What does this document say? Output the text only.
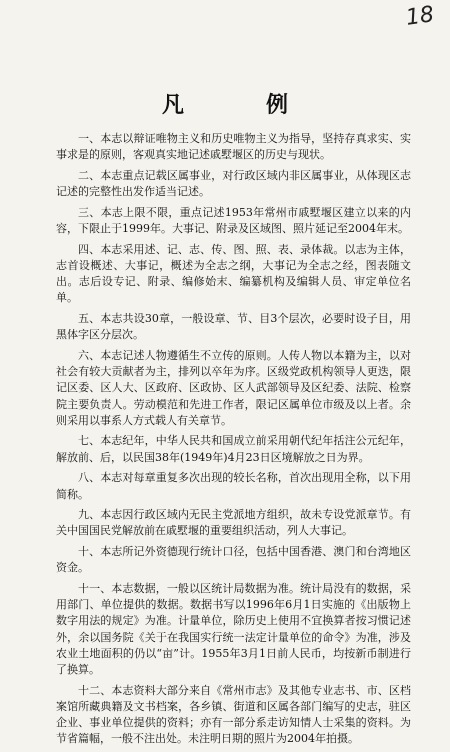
18
凡　例

一、本志以辩证唯物主义和历史唯物主义为指导，坚持存真求实、实事求是的原则，客观真实地记述戚墅堰区的历史与现状。

二、本志重点记载区属事业，对行政区域内非区属事业，从体现区志记述的完整性出发作适当记述。

三、本志上限不限，重点记述1953年常州市戚墅堰区建立以来的内容，下限止于1999年。大事记、附录及区域图、照片延记至2004年末。

四、本志采用述、记、志、传、图、照、表、录体裁。以志为主体，志首设概述、大事记，概述为全志之纲，大事记为全志之经，图表随文出。志后设专记、附录、编修始末、编纂机构及编辑人员、审定单位名单。

五、本志共设30章，一般设章、节、目3个层次，必要时设子目，用黑体字区分层次。

六、本志记述人物遵循生不立传的原则。人传人物以本籍为主，以对社会有较大贡献者为主，排列以卒年为序。区级党政机构领导人更迭，限记区委、区人大、区政府、区政协、区人武部领导及区纪委、法院、检察院主要负责人。劳动模范和先进工作者，限记区属单位市级及以上者。余则采用以事系人方式载人有关章节。

七、本志纪年，中华人民共和国成立前采用朝代纪年括注公元纪年，解放前、后，以民国38年(1949年)4月23日区境解放之日为界。

八、本志对每章重复多次出现的较长名称，首次出现用全称，以下用简称。

九、本志因行政区域内无民主党派地方组织，故未专设党派章节。有关中国国民党解放前在戚墅堰的重要组织活动，列人大事记。

十、本志所记外资德现行统计口径，包括中国香港、澳门和台湾地区资金。

十一、本志数据，一般以区统计局数据为准。统计局没有的数据，采用部门、单位提供的数据。数据书写以1996年6月1日实施的《出版物上数字用法的规定》为准。计量单位，除历史上使用不宜换算者按习惯记述外，余以国务院《关于在我国实行统一法定计量单位的命令》为准，涉及农业土地面积的仍以“亩”计。1955年3月1日前人民币，均按新币制进行了换算。

十二、本志资料大部分来自《常州市志》及其他专业志书、市、区档案馆所藏典籍及文书档案，各乡镇、街道和区属各部门编写的史志，驻区企业、事业单位提供的资料；亦有一部分系走访知情人士采集的资料。为节省篇幅，一般不注出处。未注明日期的照片为2004年拍摄。
